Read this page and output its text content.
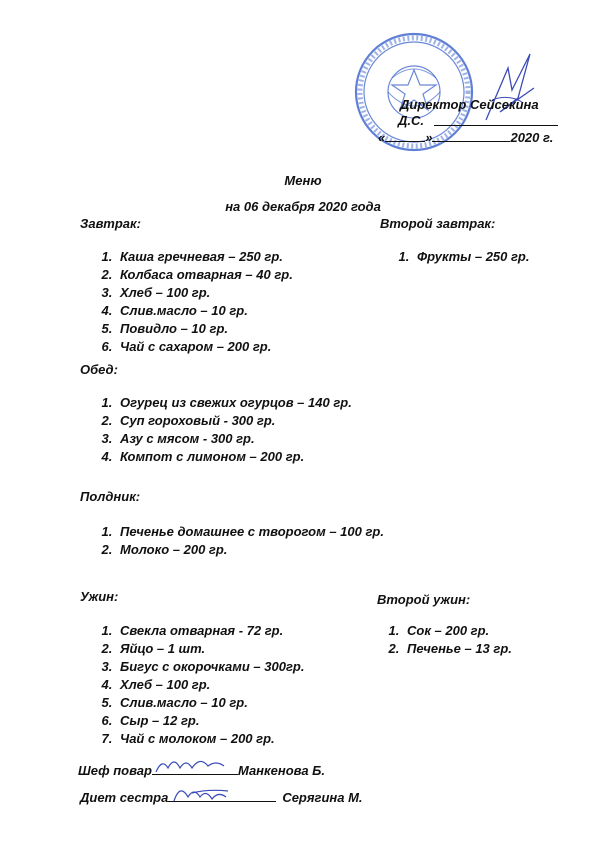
Директор Сейсекина
Д.С.
«	»	2020 г.
Меню
на 06 декабря 2020 года
Завтрак:
1. Каша гречневая – 250 гр.
2. Колбаса отварная – 40 гр.
3. Хлеб – 100 гр.
4. Слив.масло – 10 гр.
5. Повидло – 10 гр.
6. Чай с сахаром – 200 гр.
Второй завтрак:
1. Фрукты – 250 гр.
Обед:
1. Огурец из свежих огурцов – 140 гр.
2. Суп гороховый - 300 гр.
3. Азу с мясом - 300 гр.
4. Компот с лимоном – 200 гр.
Полдник:
1. Печенье домашнее с творогом – 100 гр.
2. Молоко – 200 гр.
Ужин:
1. Свекла отварная - 72 гр.
2. Яйцо – 1 шт.
3. Бигус с окорочками – 300гр.
4. Хлеб – 100 гр.
5. Слив.масло – 10 гр.
6. Сыр – 12 гр.
7. Чай с молоком – 200 гр.
Второй ужин:
1. Сок – 200 гр.
2. Печенье – 13 гр.
Шеф повар	Манкенова Б.
Диет сестра	Серягина М.
